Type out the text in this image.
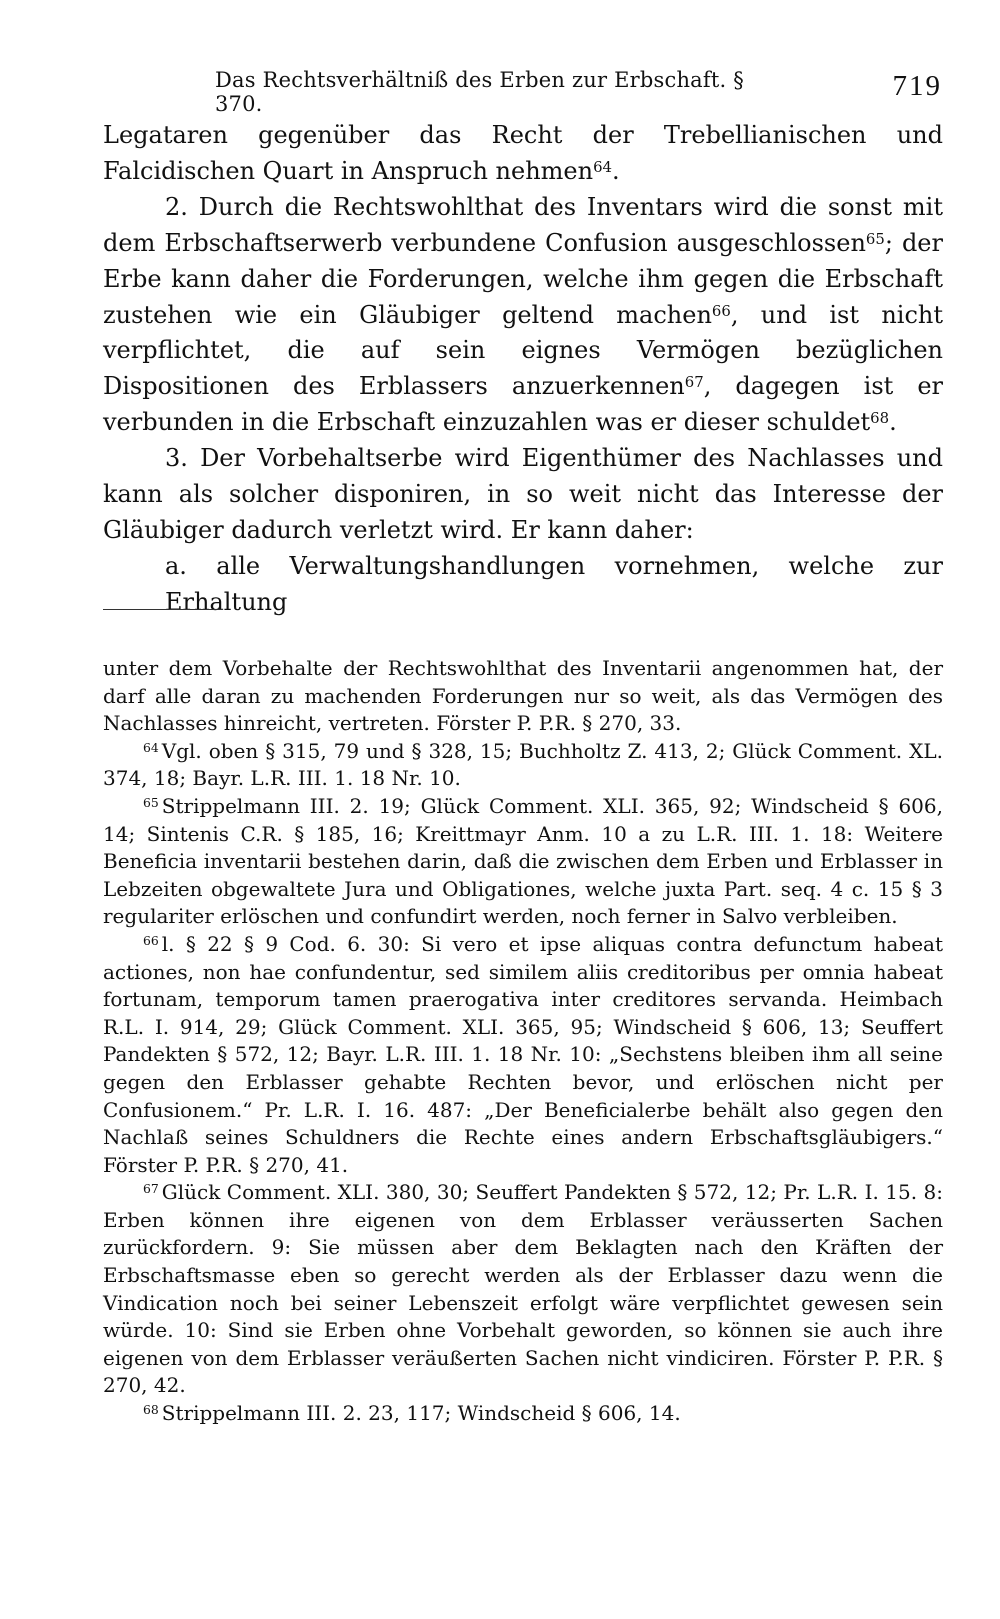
Das Rechtsverhältniß des Erben zur Erbschaft. § 370.
719

Legataren gegenüber das Recht der Trebellianischen und Falcidischen Quart in Anspruch nehmen$^{64}$.

2. Durch die Rechtswohlthat des Inventars wird die sonst mit dem Erbschaftserwerb verbundene Confusion ausgeschlossen$^{65}$; der Erbe kann daher die Forderungen, welche ihm gegen die Erbschaft zustehen wie ein Gläubiger geltend machen$^{66}$, und ist nicht verpflichtet, die auf sein eignes Vermögen bezüglichen Dispositionen des Erblassers anzuerkennen$^{67}$, dagegen ist er verbunden in die Erbschaft einzuzahlen was er dieser schuldet$^{68}$.

3. Der Vorbehaltserbe wird Eigenthümer des Nachlasses und kann als solcher disponiren, in so weit nicht das Interesse der Gläubiger dadurch verletzt wird. Er kann daher:

a. alle Verwaltungshandlungen vornehmen, welche zur Erhaltung

unter dem Vorbehalte der Rechtswohlthat des Inventarii angenommen hat, der darf alle daran zu machenden Forderungen nur so weit, als das Vermögen des Nachlasses hinreicht, vertreten. Förster P. P.R. § 270, 33.

$^{64}$ Vgl. oben § 315, 79 und § 328, 15; Buchholtz Z. 413, 2; Glück Comment. XL. 374, 18; Bayr. L.R. III. 1. 18 Nr. 10.

$^{65}$ Strippelmann III. 2. 19; Glück Comment. XLI. 365, 92; Windscheid § 606, 14; Sintenis C.R. § 185, 16; Kreittmayr Anm. 10 a zu L.R. III. 1. 18: Weitere Beneficia inventarii bestehen darin, daß die zwischen dem Erben und Erblasser in Lebzeiten obgewaltete Jura und Obligationes, welche juxta Part. seq. 4 c. 15 § 3 regulariter erlöschen und confundirt werden, noch ferner in Salvo verbleiben.

$^{66}$ l. § 22 § 9 Cod. 6. 30: Si vero et ipse aliquas contra defunctum habeat actiones, non hae confundentur, sed similem aliis creditoribus per omnia habeat fortunam, temporum tamen praerogativa inter creditores servanda. Heimbach R.L. I. 914, 29; Glück Comment. XLI. 365, 95; Windscheid § 606, 13; Seuffert Pandekten § 572, 12; Bayr. L.R. III. 1. 18 Nr. 10: „Sechstens bleiben ihm all seine gegen den Erblasser gehabte Rechten bevor, und erlöschen nicht per Confusionem.“ Pr. L.R. I. 16. 487: „Der Beneficialerbe behält also gegen den Nachlaß seines Schuldners die Rechte eines andern Erbschaftsgläubigers.“ Förster P. P.R. § 270, 41.

$^{67}$ Glück Comment. XLI. 380, 30; Seuffert Pandekten § 572, 12; Pr. L.R. I. 15. 8: Erben können ihre eigenen von dem Erblasser veräusserten Sachen zurückfordern. 9: Sie müssen aber dem Beklagten nach den Kräften der Erbschaftsmasse eben so gerecht werden als der Erblasser dazu wenn die Vindication noch bei seiner Lebenszeit erfolgt wäre verpflichtet gewesen sein würde. 10: Sind sie Erben ohne Vorbehalt geworden, so können sie auch ihre eigenen von dem Erblasser veräußerten Sachen nicht vindiciren. Förster P. P.R. § 270, 42.

$^{68}$ Strippelmann III. 2. 23, 117; Windscheid § 606, 14.
